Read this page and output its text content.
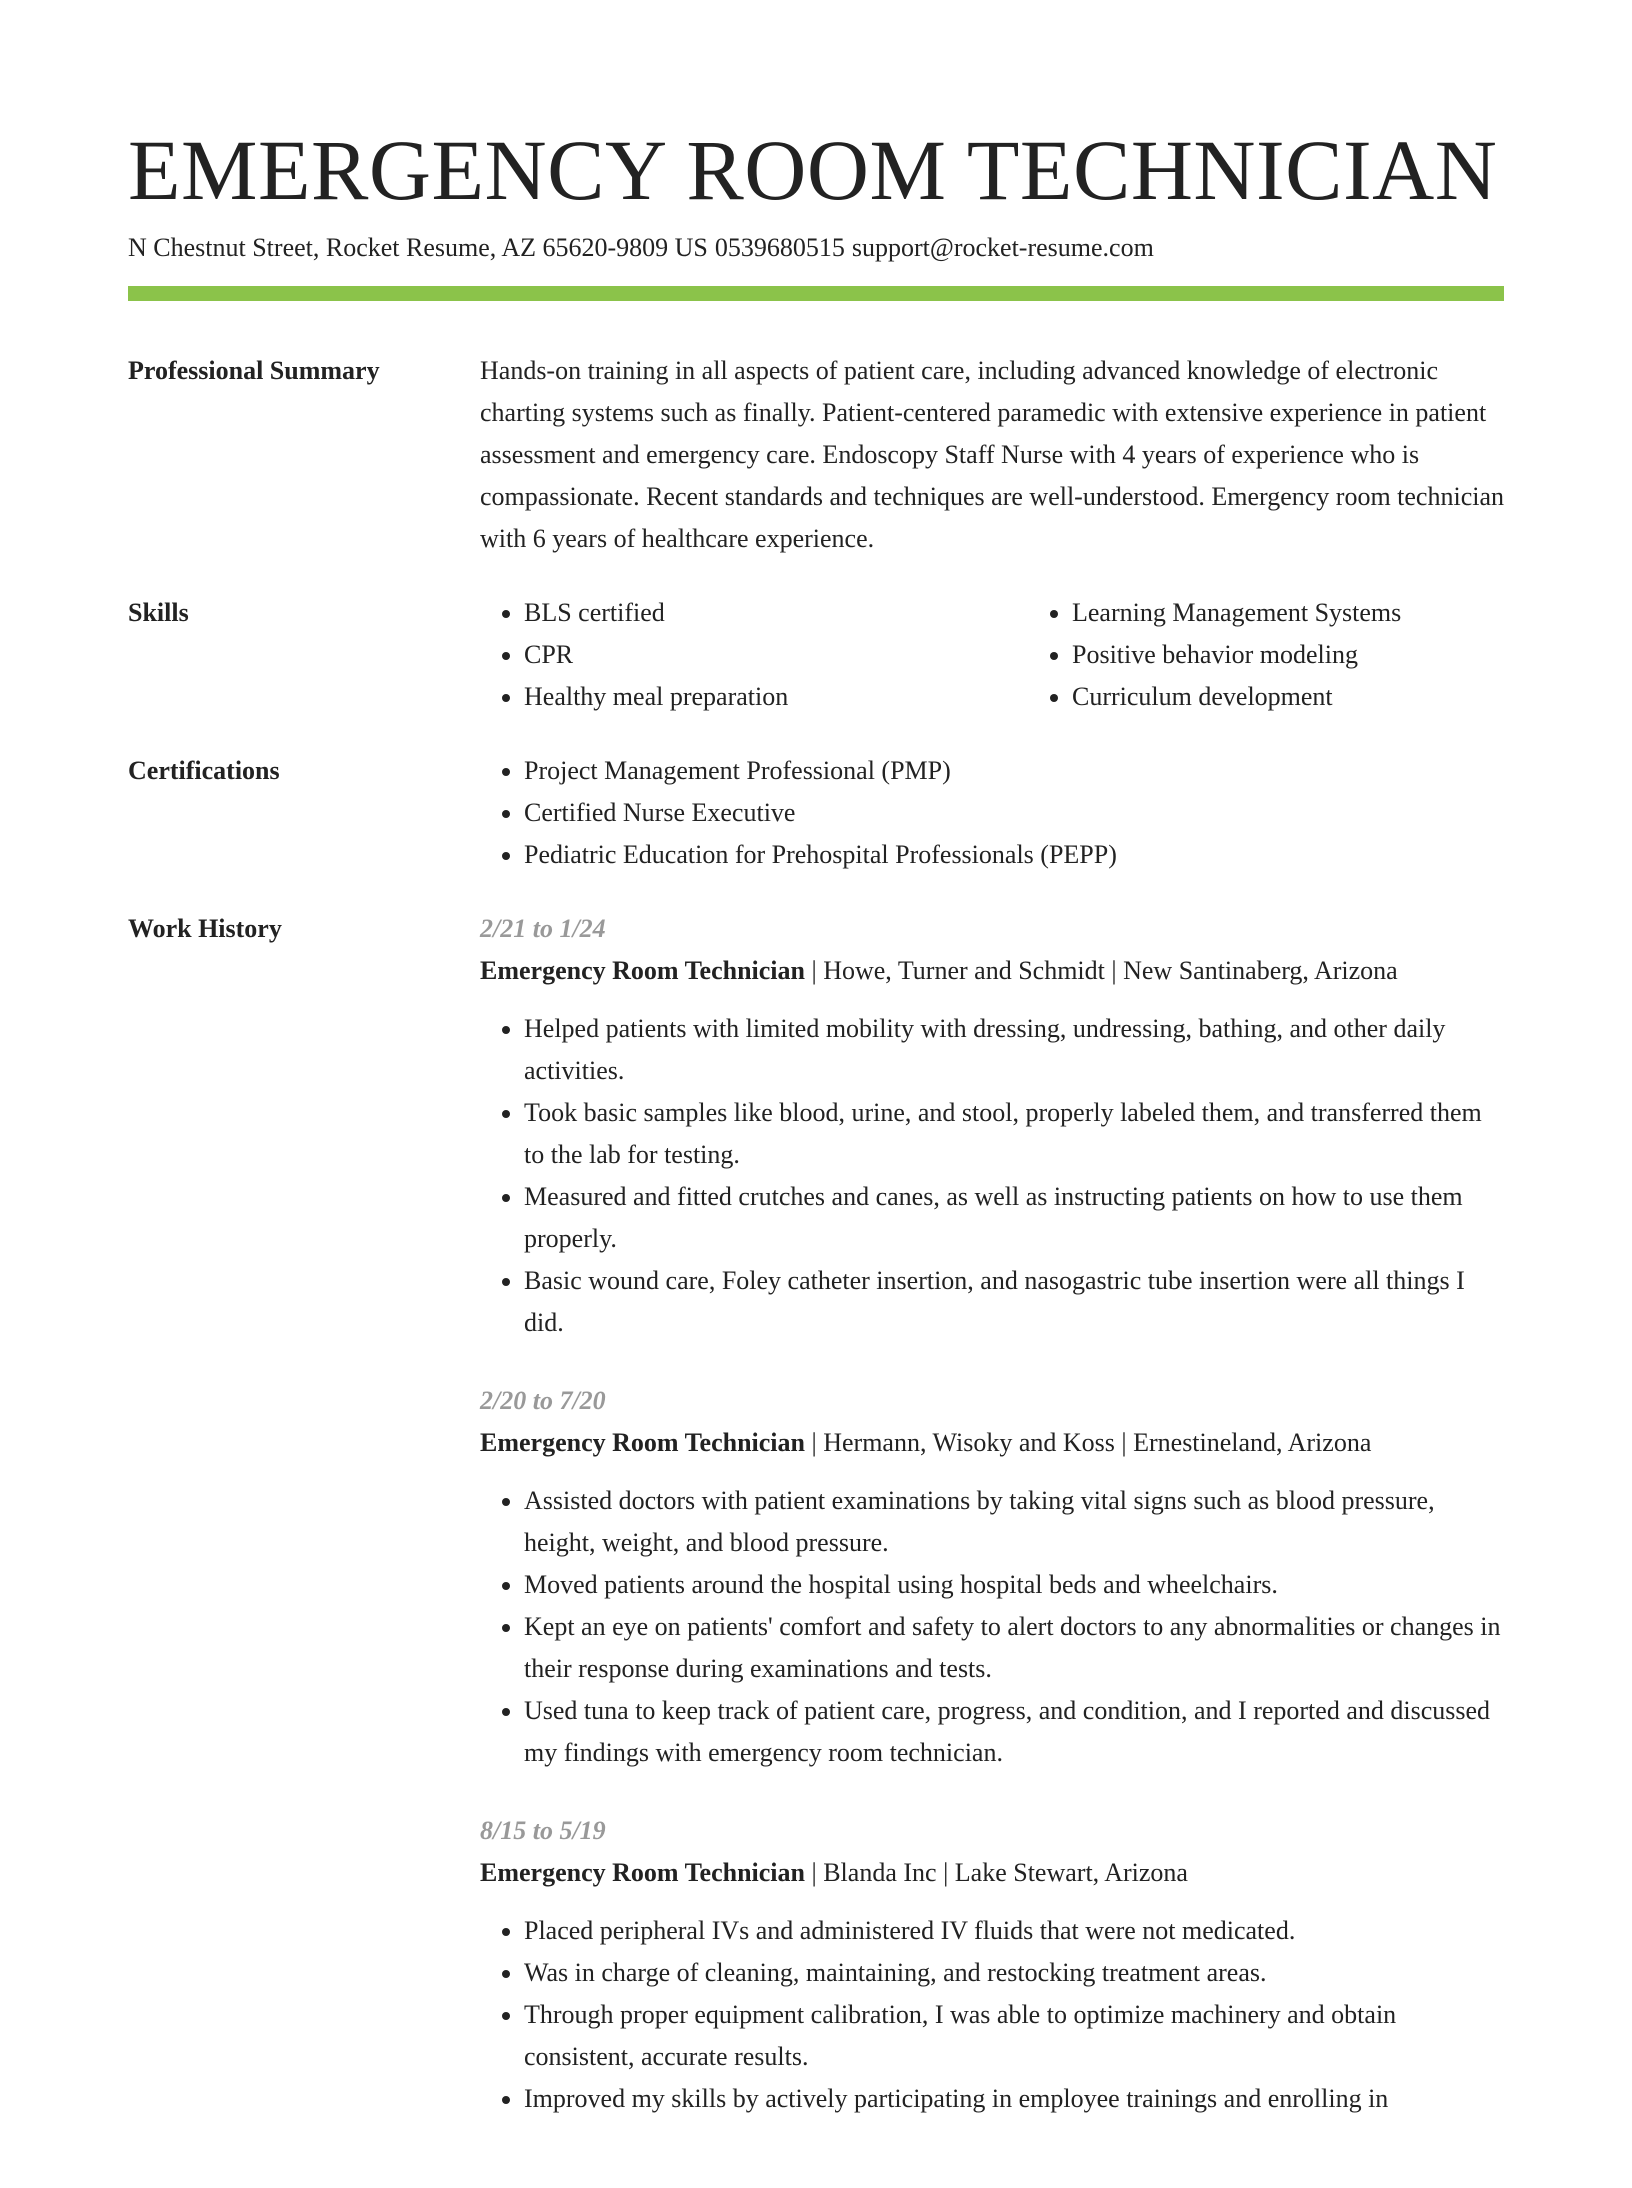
EMERGENCY ROOM TECHNICIAN
N Chestnut Street, Rocket Resume, AZ 65620-9809 US 0539680515 support@rocket-resume.com
Professional Summary	Hands-on training in all aspects of patient care, including advanced knowledge of electronic charting systems such as finally. Patient-centered paramedic with extensive experience in patient assessment and emergency care. Endoscopy Staff Nurse with 4 years of experience who is compassionate. Recent standards and techniques are well-understood. Emergency room technician with 6 years of healthcare experience.

Skills	• BLS certified
• CPR
• Healthy meal preparation
• Learning Management Systems
• Positive behavior modeling
• Curriculum development
Certifications	• Project Management Professional (PMP)
• Certified Nurse Executive
• Pediatric Education for Prehospital Professionals (PEPP)
Work History	2/21 to 1/24
Emergency Room Technician | Howe, Turner and Schmidt | New Santinaberg, Arizona
• Helped patients with limited mobility with dressing, undressing, bathing, and other daily activities.
• Took basic samples like blood, urine, and stool, properly labeled them, and transferred them to the lab for testing.
• Measured and fitted crutches and canes, as well as instructing patients on how to use them properly.
• Basic wound care, Foley catheter insertion, and nasogastric tube insertion were all things I did.
2/20 to 7/20
Emergency Room Technician | Hermann, Wisoky and Koss | Ernestineland, Arizona
• Assisted doctors with patient examinations by taking vital signs such as blood pressure, height, weight, and blood pressure.
• Moved patients around the hospital using hospital beds and wheelchairs.
• Kept an eye on patients' comfort and safety to alert doctors to any abnormalities or changes in their response during examinations and tests.
• Used tuna to keep track of patient care, progress, and condition, and I reported and discussed my findings with emergency room technician.
8/15 to 5/19
Emergency Room Technician | Blanda Inc | Lake Stewart, Arizona
• Placed peripheral IVs and administered IV fluids that were not medicated.
• Was in charge of cleaning, maintaining, and restocking treatment areas.
• Through proper equipment calibration, I was able to optimize machinery and obtain consistent, accurate results.
• Improved my skills by actively participating in employee trainings and enrolling in
